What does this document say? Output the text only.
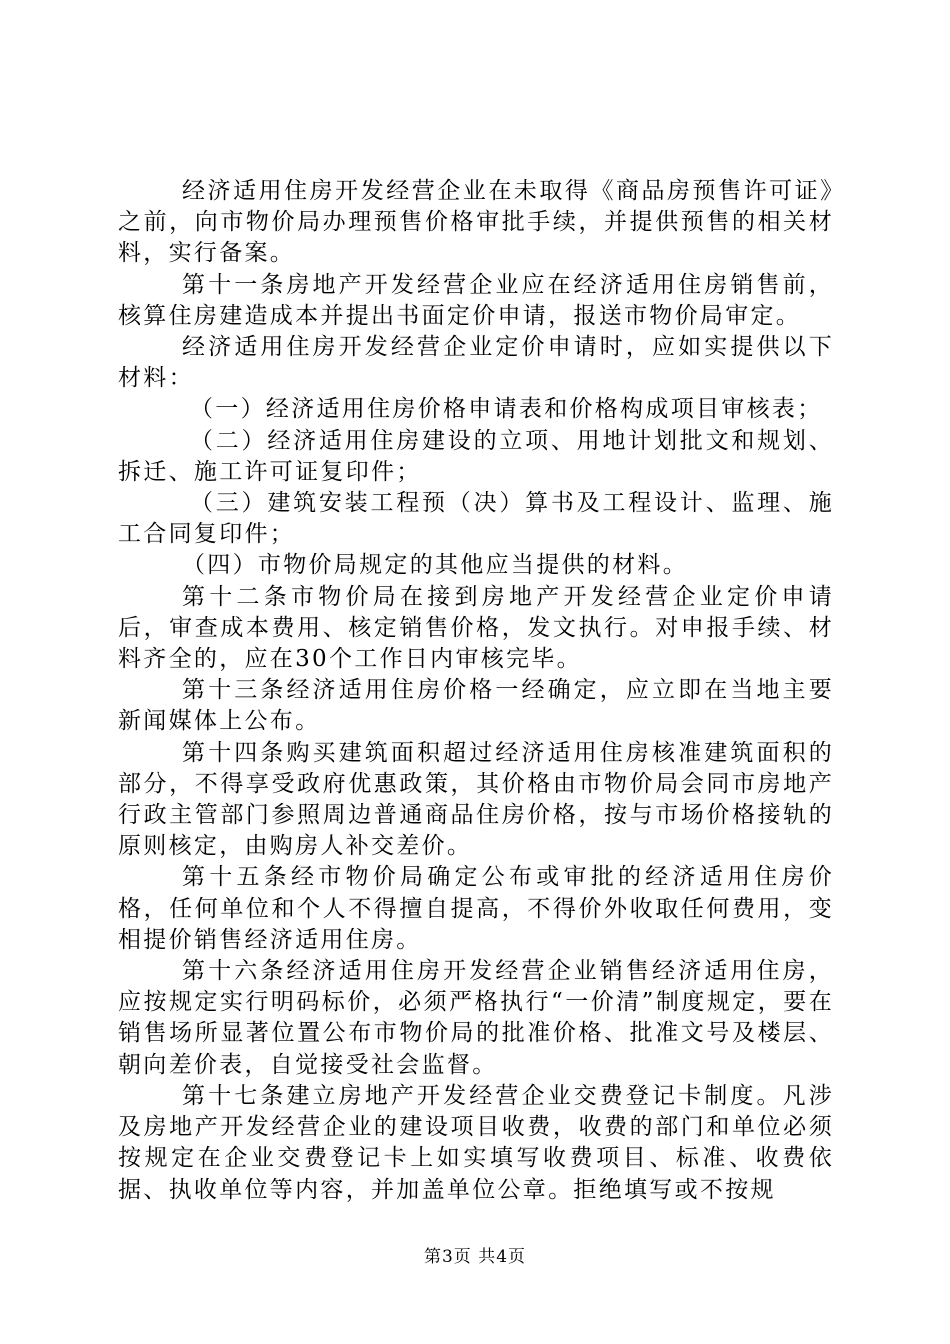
经济适用住房开发经营企业在未取得《商品房预售许可证》之前，向市物价局办理预售价格审批手续，并提供预售的相关材料，实行备案。

第十一条房地产开发经营企业应在经济适用住房销售前，核算住房建造成本并提出书面定价申请，报送市物价局审定。

经济适用住房开发经营企业定价申请时，应如实提供以下材料：

（一）经济适用住房价格申请表和价格构成项目审核表；

（二）经济适用住房建设的立项、用地计划批文和规划、拆迁、施工许可证复印件；

（三）建筑安装工程预（决）算书及工程设计、监理、施工合同复印件；

（四）市物价局规定的其他应当提供的材料。

第十二条市物价局在接到房地产开发经营企业定价申请后，审查成本费用、核定销售价格，发文执行。对申报手续、材料齐全的，应在30个工作日内审核完毕。

第十三条经济适用住房价格一经确定，应立即在当地主要新闻媒体上公布。

第十四条购买建筑面积超过经济适用住房核准建筑面积的部分，不得享受政府优惠政策，其价格由市物价局会同市房地产行政主管部门参照周边普通商品住房价格，按与市场价格接轨的原则核定，由购房人补交差价。

第十五条经市物价局确定公布或审批的经济适用住房价格，任何单位和个人不得擅自提高，不得价外收取任何费用，变相提价销售经济适用住房。

第十六条经济适用住房开发经营企业销售经济适用住房，应按规定实行明码标价，必须严格执行“一价清”制度规定，要在销售场所显著位置公布市物价局的批准价格、批准文号及楼层、朝向差价表，自觉接受社会监督。

第十七条建立房地产开发经营企业交费登记卡制度。凡涉及房地产开发经营企业的建设项目收费，收费的部门和单位必须按规定在企业交费登记卡上如实填写收费项目、标准、收费依据、执收单位等内容，并加盖单位公章。拒绝填写或不按规

第3页 共4页
